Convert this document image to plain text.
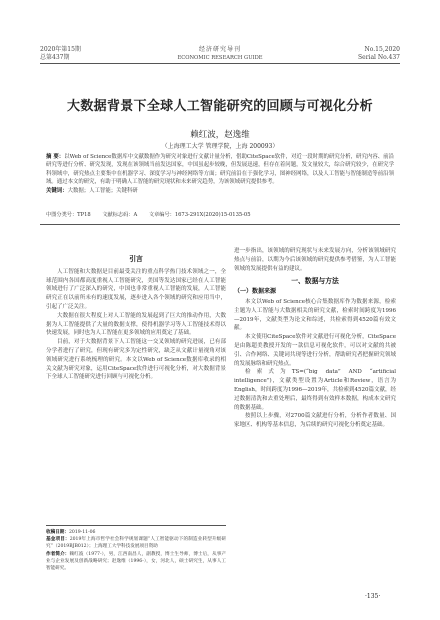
2020年第15期
总第437期
经济研究导刊
ECONOMIC RESEARCH GUIDE
No.15,2020
Serial No.437
大数据背景下全球人工智能研究的回顾与可视化分析
赖红波，赵逸维
（上海理工大学 管理学院，上海 200093）
摘 要：以Web of Science数据库中文献数据作为研究对象进行文献计量分析，借助CiteSpace软件，对近一段时期的研究分析，研究内容、前沿研究等进行分析、研究发现，发现在该领域当前发达国家，中国虽起步较晚，但发展迅速，但存在着问题，发文量较大，综合研究较少，在研究学科领域中，研究热点主要集中在机器学习、深度学习与神经网络等方面；研究前沿在于强化学习，图神经网络，以及人工智能与智能制造等前沿领域。通过本文的研究，有助于明确人工智能的研究现状和未来研究趋势，为该领域研究提供参考。
关键词：大数据；人工智能；关键科研
中图分类号：TP18 文献标志码：A 文章编号：1673-291X(2020)15-0135-05
引言

人工智能和大数据是目前最受关注的重点科学热门技术领域之一，全球范围内各国都高度重视人工智能研究，美国等发达国家已经在人工智能领域进行了广泛深入的研究，中国也非常重视人工智能的发展，人工智能研究正在以前所未有的速度发展，逐步进入各个领域的研究和应用当中，引起了广泛关注。

大数据在很大程度上对人工智能的发展起到了巨大的推动作用，大数据为人工智能提供了大量的数据支撑，使得机器学习等人工智能技术得以快速发展，同时也为人工智能在更多领域的应用奠定了基础。

目前，对于大数据背景下人工智能这一交叉领域的研究进展，已有部分学者进行了研究，但现有研究多为定性研究，缺乏从文献计量视角对该领域研究进行系统梳理的研究。本文以Web of Science数据库收录的相关文献为研究对象，运用CiteSpace软件进行可视化分析，对大数据背景下全球人工智能研究进行回顾与可视化分析。

收稿日期：2019-11-06
基金项目：2019年上海市哲学社会科学规划课题“人工智能驱动下的制造业转型升级研究”（2019BJB012）；上海理工大学科技发展项目资助
作者简介：赖红波（1977-），男，江西南昌人，副教授，博士生导师，博士后，从事产业与企业发展及创新战略研究；赵逸维（1996-），女，河北人，硕士研究生，从事人工智能研究。

进一步指出，该领域的研究现状与未来发展方向，分析该领域研究热点与前沿，以期为今后该领域的研究提供参考借鉴，为人工智能领域的发展提供有益的建议。

一、数据与方法
（一）数据来源

本文以Web of Science核心合集数据库作为数据来源，检索主题为人工智能与大数据相关的研究文献，检索时间跨度为1996—2019年，文献类型为论文和综述，共检索得到4520篇有效文献。

本文使用CiteSpace软件对文献进行可视化分析，CiteSpace是由陈超美教授开发的一款信息可视化软件，可以对文献的共被引、合作网络、关键词共现等进行分析，帮助研究者把握研究领域的发展脉络和研究热点。

检索式为TS=(“big data” AND “artificial intelligence”)，文献类型设置为Article和Review，语言为English，时间跨度为1996—2019年，共检索到4520篇文献，经过数据清洗和去重处理后，最终得到有效样本数据，构成本文研究的数据基础。

按照以上步骤，对2700篇文献进行分析，分析作者数量、国家地区、机构等基本信息，为后续的研究可视化分析奠定基础。

·135·
